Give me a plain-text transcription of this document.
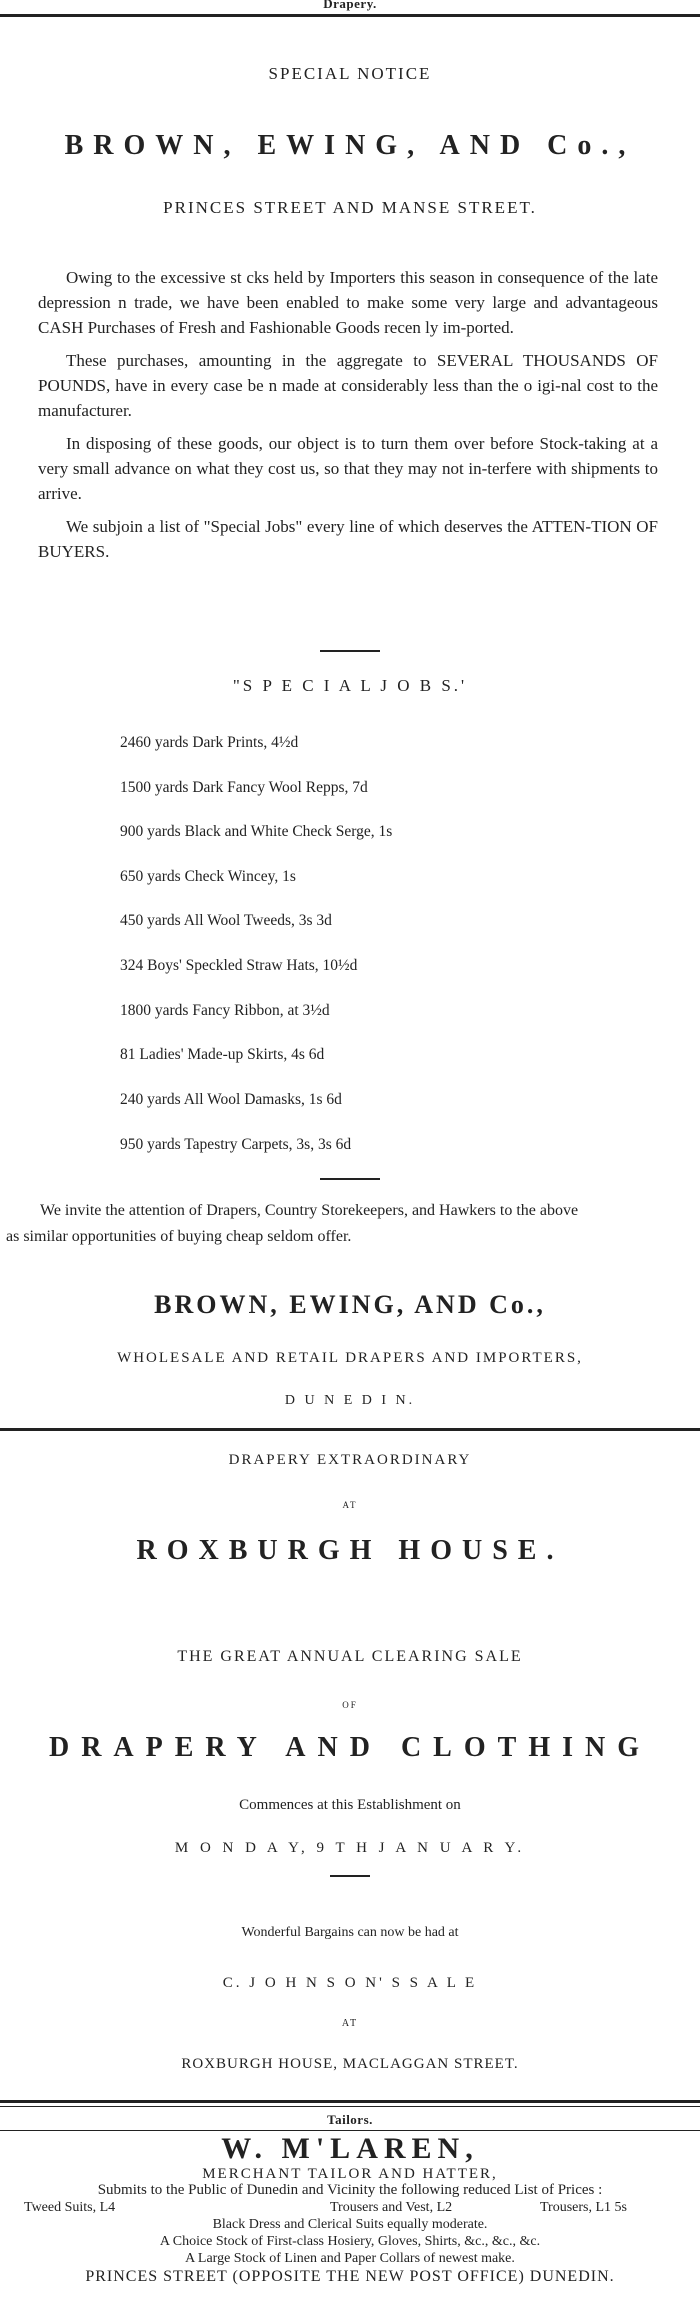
Drapery.
SPECIAL NOTICE
BROWN, EWING, AND Co.,
PRINCES STREET AND MANSE STREET.

Owing to the excessive st cks held by Importers this season in consequence of the late depression n trade, we have been enabled to make some very large and advantageous CASH Purchases of Fresh and Fashionable Goods recen ly im-ported.

These purchases, amounting in the aggregate to SEVERAL THOUSANDS OF POUNDS, have in every case be n made at considerably less than the o igi-nal cost to the manufacturer.

In disposing of these goods, our object is to turn them over before Stock-taking at a very small advance on what they cost us, so that they may not in-terfere with shipments to arrive.

We subjoin a list of "Special Jobs" every line of which deserves the ATTEN-TION OF BUYERS.

"S P E C I A L J O B S.'
2460 yards Dark Prints, 4½d
1500 yards Dark Fancy Wool Repps, 7d
900 yards Black and White Check Serge, 1s
650 yards Check Wincey, 1s
450 yards All Wool Tweeds, 3s 3d
324 Boys' Speckled Straw Hats, 10½d
1800 yards Fancy Ribbon, at 3½d
81 Ladies' Made-up Skirts, 4s 6d
240 yards All Wool Damasks, 1s 6d
950 yards Tapestry Carpets, 3s, 3s 6d
We invite the attention of Drapers, Country Storekeepers, and Hawkers to the above
as similar opportunities of buying cheap seldom offer.
BROWN, EWING, AND Co.,
WHOLESALE AND RETAIL DRAPERS AND IMPORTERS,
D U N E D I N.
DRAPERY EXTRAORDINARY
AT
ROXBURGH HOUSE.
THE GREAT ANNUAL CLEARING SALE
OF
DRAPERY AND CLOTHING
Commences at this Establishment on
M O N D A Y, 9 T H J A N U A R Y.
Wonderful Bargains can now be had at
C. J O H N S O N' S S A L E
AT
ROXBURGH HOUSE, MACLAGGAN STREET.
Tailors.
W. M'LAREN,
MERCHANT TAILOR AND HATTER,
Submits to the Public of Dunedin and Vicinity the following reduced List of Prices :
Tweed Suits, L4	Trousers and Vest, L2	Trousers, L1 5s
Black Dress and Clerical Suits equally moderate.
A Choice Stock of First-class Hosiery, Gloves, Shirts, &c., &c., &c.
A Large Stock of Linen and Paper Collars of newest make.
PRINCES STREET (OPPOSITE THE NEW POST OFFICE) DUNEDIN.
